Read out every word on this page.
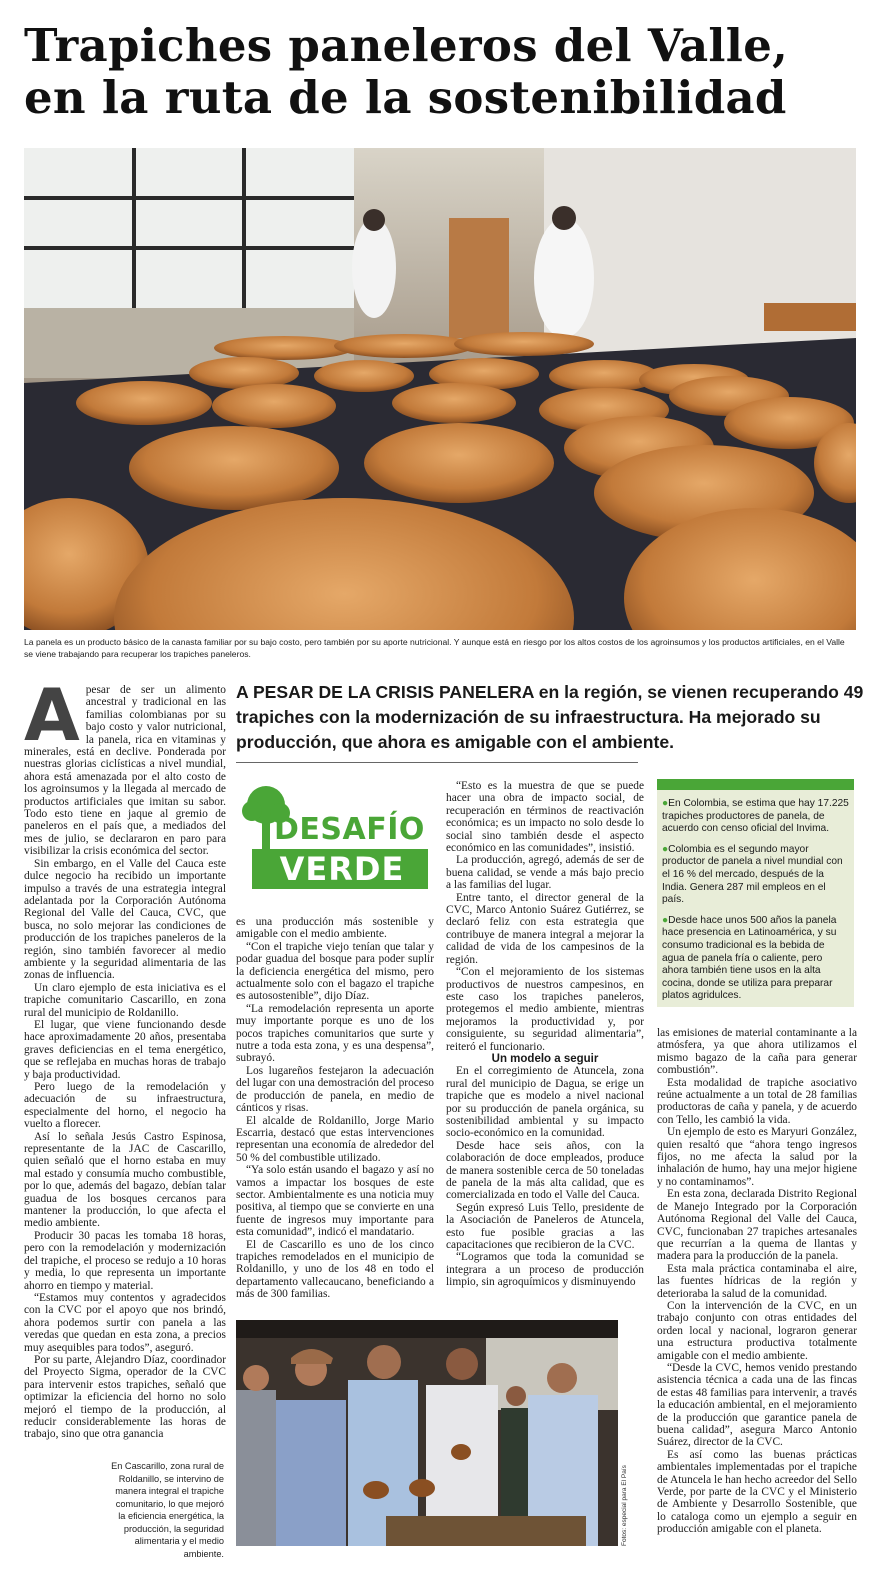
Trapiches paneleros del Valle,
en la ruta de la sostenibilidad
La panela es un producto básico de la canasta familiar por su bajo costo, pero también por su aporte nutricional. Y aunque está en riesgo por los altos costos de los agroinsumos y los productos artificiales, en el Valle se viene trabajando para recuperar los trapiches paneleros.
A PESAR DE LA CRISIS PANELERA en la región, se vienen recuperando 49 trapiches con la modernización de su infraestructura. Ha mejorado su producción, que ahora es amigable con el ambiente.
DESAFÍO
VERDE
A pesar de ser un alimento ancestral y tradicional en las familias colombianas por su bajo costo y valor nutricional, la panela, rica en vitaminas y minerales, está en declive. Ponderada por nuestras glorias ciclísticas a nivel mundial, ahora está amenazada por el alto costo de los agroinsumos y la llegada al mercado de productos artificiales que imitan su sabor. Todo esto tiene en jaque al gremio de paneleros en el país que, a mediados del mes de julio, se declararon en paro para visibilizar la crisis económica del sector.

Sin embargo, en el Valle del Cauca este dulce negocio ha recibido un importante impulso a través de una estrategia integral adelantada por la Corporación Autónoma Regional del Valle del Cauca, CVC, que busca, no solo mejorar las condiciones de producción de los trapiches paneleros de la región, sino también favorecer al medio ambiente y la seguridad alimentaria de las zonas de influencia.

Un claro ejemplo de esta iniciativa es el trapiche comunitario Cascarillo, en zona rural del municipio de Roldanillo.

El lugar, que viene funcionando desde hace aproximadamente 20 años, presentaba graves deficiencias en el tema energético, que se reflejaba en muchas horas de trabajo y baja productividad.

Pero luego de la remodelación y adecuación de su infraestructura, especialmente del horno, el negocio ha vuelto a florecer.

Así lo señala Jesús Castro Espinosa, representante de la JAC de Cascarillo, quien señaló que el horno estaba en muy mal estado y consumía mucho combustible, por lo que, además del bagazo, debían talar guadua de los bosques cercanos para mantener la producción, lo que afecta el medio ambiente.

Producir 30 pacas les tomaba 18 horas, pero con la remodelación y modernización del trapiche, el proceso se redujo a 10 horas y media, lo que representa un importante ahorro en tiempo y material.

“Estamos muy contentos y agradecidos con la CVC por el apoyo que nos brindó, ahora podemos surtir con panela a las veredas que quedan en esta zona, a precios muy asequibles para todos”, aseguró.

Por su parte, Alejandro Díaz, coordinador del Proyecto Sigma, operador de la CVC para intervenir estos trapiches, señaló que optimizar la eficiencia del horno no solo mejoró el tiempo de la producción, al reducir considerablemente las horas de trabajo, sino que otra ganancia

es una producción más sostenible y amigable con el medio ambiente.

“Con el trapiche viejo tenían que talar y podar guadua del bosque para poder suplir la deficiencia energética del mismo, pero actualmente solo con el bagazo el trapiche es autosostenible”, dijo Díaz.

“La remodelación representa un aporte muy importante porque es uno de los pocos trapiches comunitarios que surte y nutre a toda esta zona, y es una despensa”, subrayó.

Los lugareños festejaron la adecuación del lugar con una demostración del proceso de producción de panela, en medio de cánticos y risas.

El alcalde de Roldanillo, Jorge Mario Escarria, destacó que estas intervenciones representan una economía de alrededor del 50 % del combustible utilizado.

“Ya solo están usando el bagazo y así no vamos a impactar los bosques de este sector. Ambientalmente es una noticia muy positiva, al tiempo que se convierte en una fuente de ingresos muy importante para esta comunidad”, indicó el mandatario.

El de Cascarillo es uno de los cinco trapiches remodelados en el municipio de Roldanillo, y uno de los 48 en todo el departamento vallecaucano, beneficiando a más de 300 familias.

“Esto es la muestra de que se puede hacer una obra de impacto social, de recuperación en términos de reactivación económica; es un impacto no solo desde lo social sino también desde el aspecto económico en las comunidades”, insistió.

La producción, agregó, además de ser de buena calidad, se vende a más bajo precio a las familias del lugar.

Entre tanto, el director general de la CVC, Marco Antonio Suárez Gutiérrez, se declaró feliz con esta estrategia que contribuye de manera integral a mejorar la calidad de vida de los campesinos de la región.

“Con el mejoramiento de los sistemas productivos de nuestros campesinos, en este caso los trapiches paneleros, protegemos el medio ambiente, mientras mejoramos la productividad y, por consiguiente, su seguridad alimentaria”, reiteró el funcionario.

Un modelo a seguir

En el corregimiento de Atuncela, zona rural del municipio de Dagua, se erige un trapiche que es modelo a nivel nacional por su producción de panela orgánica, su sostenibilidad ambiental y su impacto socio-económico en la comunidad.

Desde hace seis años, con la colaboración de doce empleados, produce de manera sostenible cerca de 50 toneladas de panela de la más alta calidad, que es comercializada en todo el Valle del Cauca.

Según expresó Luis Tello, presidente de la Asociación de Paneleros de Atuncela, esto fue posible gracias a las capacitaciones que recibieron de la CVC.

“Logramos que toda la comunidad se integrara a un proceso de producción limpio, sin agroquímicos y disminuyendo

●En Colombia, se estima que hay 17.225 trapiches productores de panela, de acuerdo con censo oficial del Invima.

●Colombia es el segundo mayor productor de panela a nivel mundial con el 16 % del mercado, después de la India. Genera 287 mil empleos en el país.

●Desde hace unos 500 años la panela hace presencia en Latinoamérica, y su consumo tradicional es la bebida de agua de panela fría o caliente, pero ahora también tiene usos en la alta cocina, donde se utiliza para preparar platos agridulces.

las emisiones de material contaminante a la atmósfera, ya que ahora utilizamos el mismo bagazo de la caña para generar combustión”.

Esta modalidad de trapiche asociativo reúne actualmente a un total de 28 familias productoras de caña y panela, y de acuerdo con Tello, les cambió la vida.

Un ejemplo de esto es Maryuri González, quien resaltó que “ahora tengo ingresos fijos, no me afecta la salud por la inhalación de humo, hay una mejor higiene y no contaminamos”.

En esta zona, declarada Distrito Regional de Manejo Integrado por la Corporación Autónoma Regional del Valle del Cauca, CVC, funcionaban 27 trapiches artesanales que recurrían a la quema de llantas y madera para la producción de la panela.

Esta mala práctica contaminaba el aire, las fuentes hídricas de la región y deterioraba la salud de la comunidad.

Con la intervención de la CVC, en un trabajo conjunto con otras entidades del orden local y nacional, lograron generar una estructura productiva totalmente amigable con el medio ambiente.

“Desde la CVC, hemos venido prestando asistencia técnica a cada una de las fincas de estas 48 familias para intervenir, a través la educación ambiental, en el mejoramiento de la producción que garantice panela de buena calidad”, asegura Marco Antonio Suárez, director de la CVC.

Es así como las buenas prácticas ambientales implementadas por el trapiche de Atuncela le han hecho acreedor del Sello Verde, por parte de la CVC y el Ministerio de Ambiente y Desarrollo Sostenible, que lo cataloga como un ejemplo a seguir en producción amigable con el planeta.

En Cascarillo, zona rural de Roldanillo, se intervino de manera integral el trapiche comunitario, lo que mejoró la eficiencia energética, la producción, la seguridad alimentaria y el medio ambiente.
Fotos: especial para El País
